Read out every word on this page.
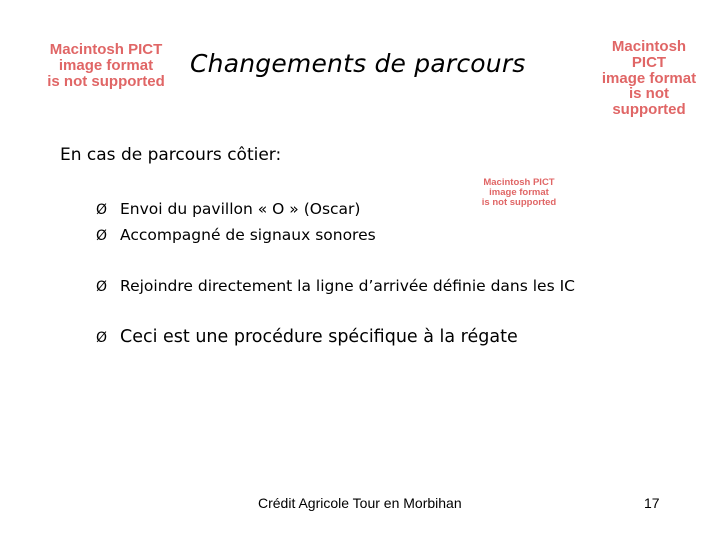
Macintosh PICT
image format
is not supported
Macintosh PICT
image format
is not supported
Macintosh PICT
image format
is not supported
Changements de parcours
En cas de parcours côtier:
Ø Envoi du pavillon « O » (Oscar)
Ø Accompagné de signaux sonores
Ø Rejoindre directement la ligne d’arrivée définie dans les IC
Ø Ceci est une procédure spécifique à la régate
Crédit Agricole Tour en Morbihan	17
